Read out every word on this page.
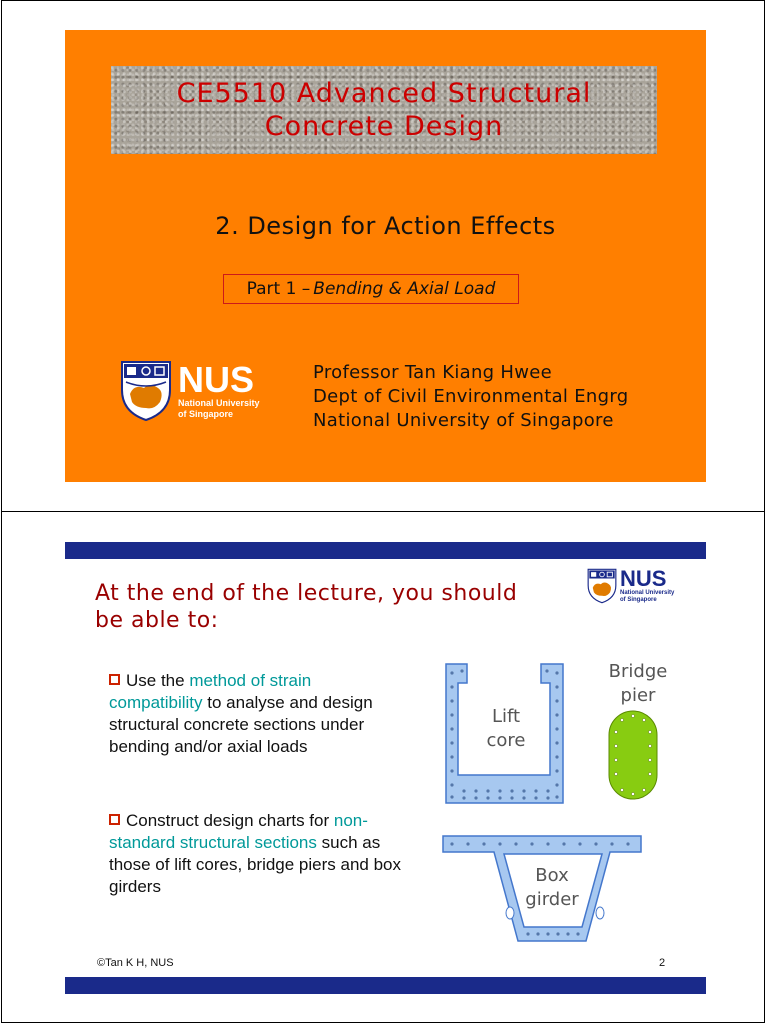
CE5510 Advanced Structural
Concrete Design
2. Design for Action Effects
Part 1 – Bending & Axial Load
NUS
National University
of Singapore
Professor Tan Kiang Hwee
Dept of Civil Environmental Engrg
National University of Singapore
At the end of the lecture, you should
be able to:
NUS
National University
of Singapore
Use the method of strain compatibility to analyse and design structural concrete sections under bending and/or axial loads
Construct design charts for non-standard structural sections such as those of lift cores, bridge piers and box girders
Lift
core
Bridge
pier
Box
girder
©Tan K H, NUS	2
